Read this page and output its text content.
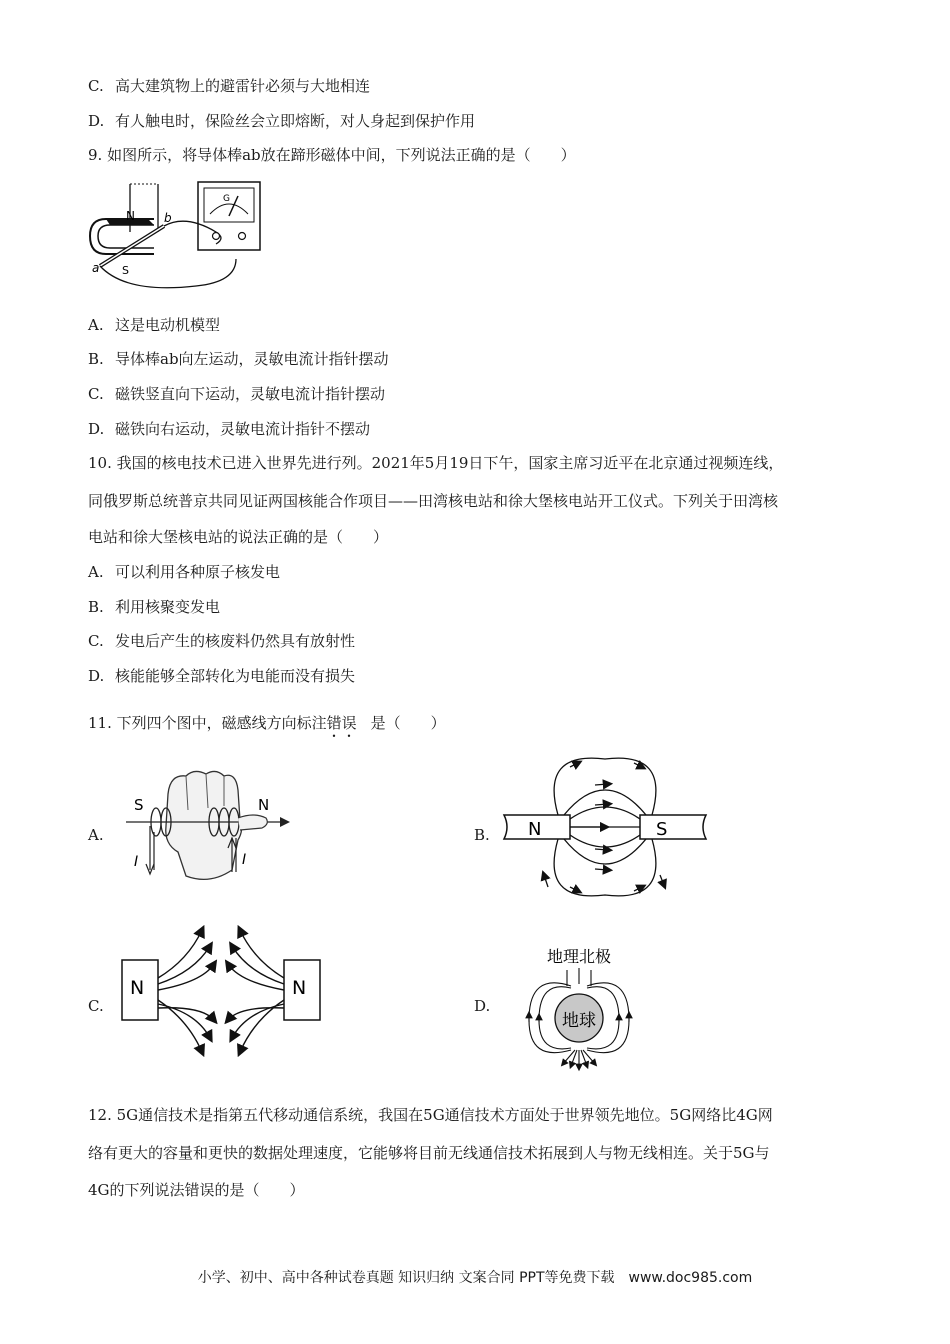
C. 高大建筑物上的避雷针必须与大地相连
D. 有人触电时，保险丝会立即熔断，对人身起到保护作用
9. 如图所示，将导体棒ab放在蹄形磁体中间，下列说法正确的是（　　）
N
S
a
b
G
A. 这是电动机模型
B. 导体棒ab向左运动，灵敏电流计指针摆动
C. 磁铁竖直向下运动，灵敏电流计指针摆动
D. 磁铁向右运动，灵敏电流计指针不摆动
10. 我国的核电技术已进入世界先进行列。2021年5月19日下午，国家主席习近平在北京通过视频连线，
同俄罗斯总统普京共同见证两国核能合作项目——田湾核电站和徐大堡核电站开工仪式。下列关于田湾核
电站和徐大堡核电站的说法正确的是（　　）
A. 可以利用各种原子核发电
B. 利用核聚变发电
C. 发电后产生的核废料仍然具有放射性
D. 核能能够全部转化为电能而没有损失
11. 下列四个图中，磁感线方向标注错误 是（　　）
A.
S	N
I	I
B. N	S
C.
N	N
D.
地理北极
地球
12. 5G通信技术是指第五代移动通信系统，我国在5G通信技术方面处于世界领先地位。5G网络比4G网
络有更大的容量和更快的数据处理速度，它能够将目前无线通信技术拓展到人与物无线相连。关于5G与
4G的下列说法错误的是（　　）
小学、初中、高中各种试卷真题 知识归纳 文案合同 PPT等免费下载　www.doc985.com
